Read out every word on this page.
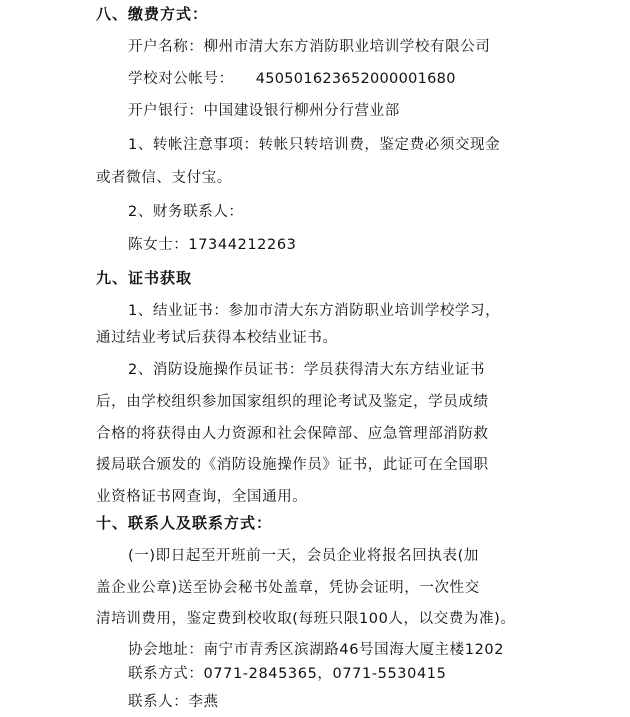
八、缴费方式：
开户名称：柳州市清大东方消防职业培训学校有限公司
学校对公帐号： 450501623652000001680
开户银行：中国建设银行柳州分行营业部
1、转帐注意事项：转帐只转培训费，鉴定费必须交现金
或者微信、支付宝。
2、财务联系人：
陈女士：17344212263
九、证书获取
1、结业证书：参加市清大东方消防职业培训学校学习，
通过结业考试后获得本校结业证书。
2、消防设施操作员证书：学员获得清大东方结业证书
后，由学校组织参加国家组织的理论考试及鉴定，学员成绩
合格的将获得由人力资源和社会保障部、应急管理部消防救
援局联合颁发的《消防设施操作员》证书，此证可在全国职
业资格证书网查询，全国通用。
十、联系人及联系方式：
(一)即日起至开班前一天，会员企业将报名回执表(加
盖企业公章)送至协会秘书处盖章，凭协会证明，一次性交
清培训费用，鉴定费到校收取(每班只限100人，以交费为准)。
协会地址：南宁市青秀区滨湖路46号国海大厦主楼1202
联系方式：0771-2845365，0771-5530415
联系人：李燕
